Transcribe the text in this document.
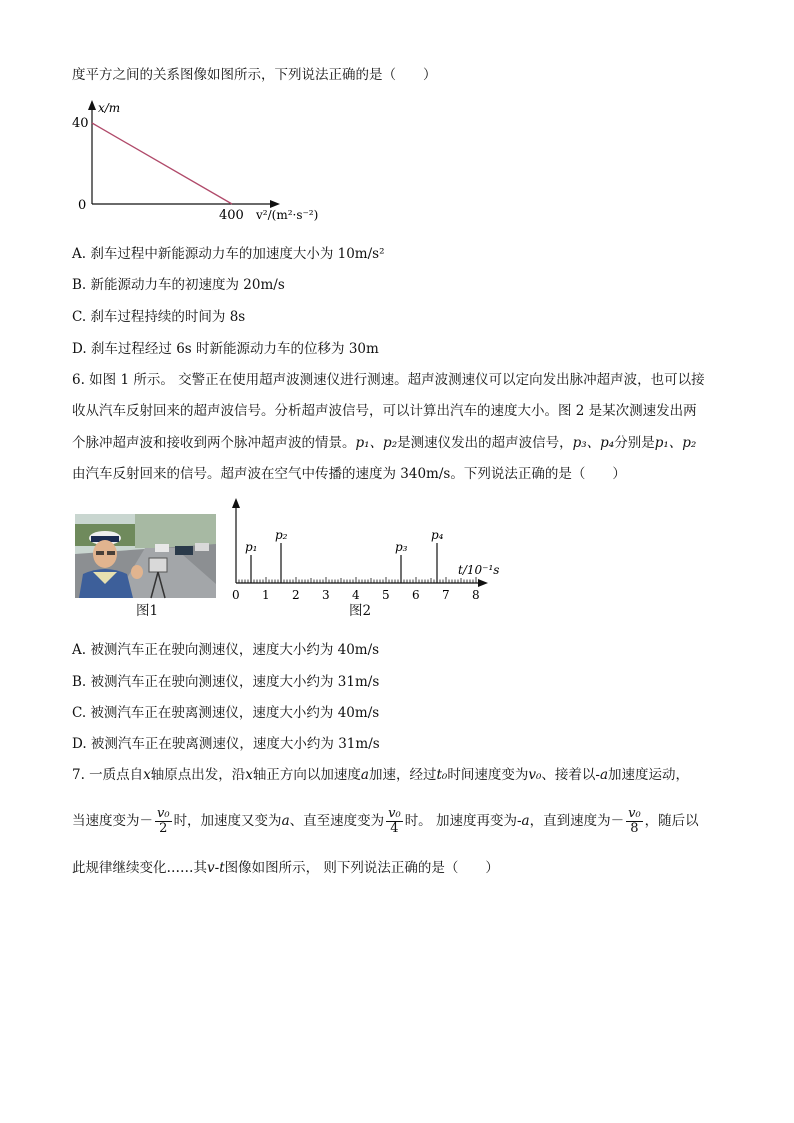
度平方之间的关系图像如图所示，下列说法正确的是（　　）
x/m
40
0
400 v²/(m²·s⁻²)
A. 刹车过程中新能源动力车的加速度大小为 10m/s²
B. 新能源动力车的初速度为 20m/s
C. 刹车过程持续的时间为 8s
D. 刹车过程经过 6s 时新能源动力车的位移为 30m
6. 如图 1 所示。 交警正在使用超声波测速仪进行测速。超声波测速仪可以定向发出脉冲超声波，也可以接
收从汽车反射回来的超声波信号。分析超声波信号，可以计算出汽车的速度大小。图 2 是某次测速发出两
个脉冲超声波和接收到两个脉冲超声波的情景。p₁、p₂是测速仪发出的超声波信号，p₃、p₄分别是p₁、p₂
由汽车反射回来的信号。超声波在空气中传播的速度为 340m/s。下列说法正确的是（　　）
图1
0 1 2 3 4 5 6 7 8
p₁
p₂
p₃
p₄
t/10⁻¹s
图2
A. 被测汽车正在驶向测速仪，速度大小约为 40m/s
B. 被测汽车正在驶向测速仪，速度大小约为 31m/s
C. 被测汽车正在驶离测速仪，速度大小约为 40m/s
D. 被测汽车正在驶离测速仪，速度大小约为 31m/s
7. 一质点自x轴原点出发，沿x轴正方向以加速度a加速，经过t₀时间速度变为v₀、接着以-a加速度运动，
当速度变为－ $\frac{\text{v₀}}{2}$ 时，加速度又变为a、直至速度变为 $\frac{\text{v₀}}{4}$ 时。 加速度再变为-a，直到速度为－ $\frac{\text{v₀}}{8}$ ，随后以
此规律继续变化……其v-t图像如图所示， 则下列说法正确的是（　　）
